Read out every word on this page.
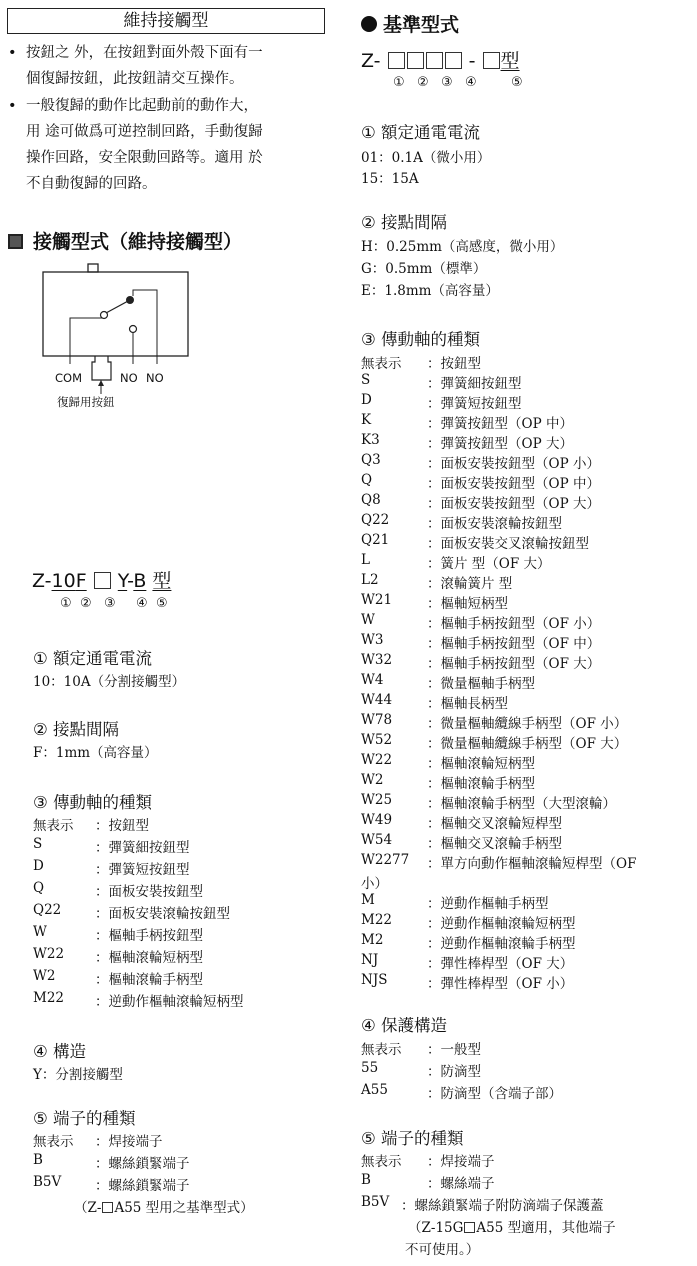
維持接觸型
• 按鈕之 外，在按鈕對面外殼下面有一
個復歸按鈕，此按鈕請交互操作。
• 一般復歸的動作比起動前的動作大，
用 途可做爲可逆控制回路，手動復歸
操作回路，安全限動回路等。適用 於
不自動復歸的回路。
接觸型式（維持接觸型）
COM	NO NO
復歸用按鈕
Z-10F Y-B 型
① ② ③ ④ ⑤
① 額定通電電流
10：10A（分割接觸型）
② 接點間隔
F：1mm（高容量）
③ 傳動軸的種類
無表示 ：按鈕型
S	：彈簧細按鈕型
D	：彈簧短按鈕型
Q	：面板安裝按鈕型
Q22	：面板安裝滾輪按鈕型
W	：樞軸手柄按鈕型
W22 ：樞軸滾輪短柄型
W2	：樞軸滾輪手柄型
M22 ：逆動作樞軸滾輪短柄型
④ 構造
Y：分割接觸型
⑤ 端子的種類
無表示 ：焊接端子
B	：螺絲鎖緊端子
B5V ：螺絲鎖緊端子
（Z- A55 型用之基準型式）
基準型式
Z-	- 型
① ② ③ ④	⑤
① 額定通電電流
01：0.1A（微小用）
15：15A
② 接點間隔
H：0.25mm（高感度，微小用）
G：0.5mm（標準）
E：1.8mm（高容量）
③ 傳動軸的種類
無表示 ：按鈕型
S	：彈簧細按鈕型
D	：彈簧短按鈕型
K	：彈簧按鈕型（OP 中）
K3	：彈簧按鈕型（OP 大）
Q3	：面板安裝按鈕型（OP 小）
Q	：面板安裝按鈕型（OP 中）
Q8	：面板安裝按鈕型（OP 大）
Q22	：面板安裝滾輪按鈕型
Q21	：面板安裝交叉滾輪按鈕型
L	：簧片 型（OF 大）
L2	：滾輪簧片 型
W21	：樞軸短柄型
W	：樞軸手柄按鈕型（OF 小）
W3	：樞軸手柄按鈕型（OF 中）
W32	：樞軸手柄按鈕型（OF 大）
W4	：微量樞軸手柄型
W44	：樞軸長柄型
W78	：微量樞軸纜線手柄型（OF 小）
W52	：微量樞軸纜線手柄型（OF 大）
W22	：樞軸滾輪短柄型
W2	：樞軸滾輪手柄型
W25	：樞軸滾輪手柄型（大型滾輪）
W49	：樞軸交叉滾輪短桿型
W54	：樞軸交叉滾輪手柄型
W2277 ：單方向動作樞軸滾輪短桿型（OF
小）
M	：逆動作樞軸手柄型
M22	：逆動作樞軸滾輪短柄型
M2	：逆動作樞軸滾輪手柄型
NJ	：彈性棒桿型（OF 大）
NJS	：彈性棒桿型（OF 小）
④ 保護構造
無表示 ：一般型
55	：防滴型
A55	：防滴型（含端子部）
⑤ 端子的種類
無表示 ：焊接端子
B	：螺絲端子
B5V ：螺絲鎖緊端子附防滴端子保護蓋
（Z-15G A55 型適用，其他端子
不可使用。）
